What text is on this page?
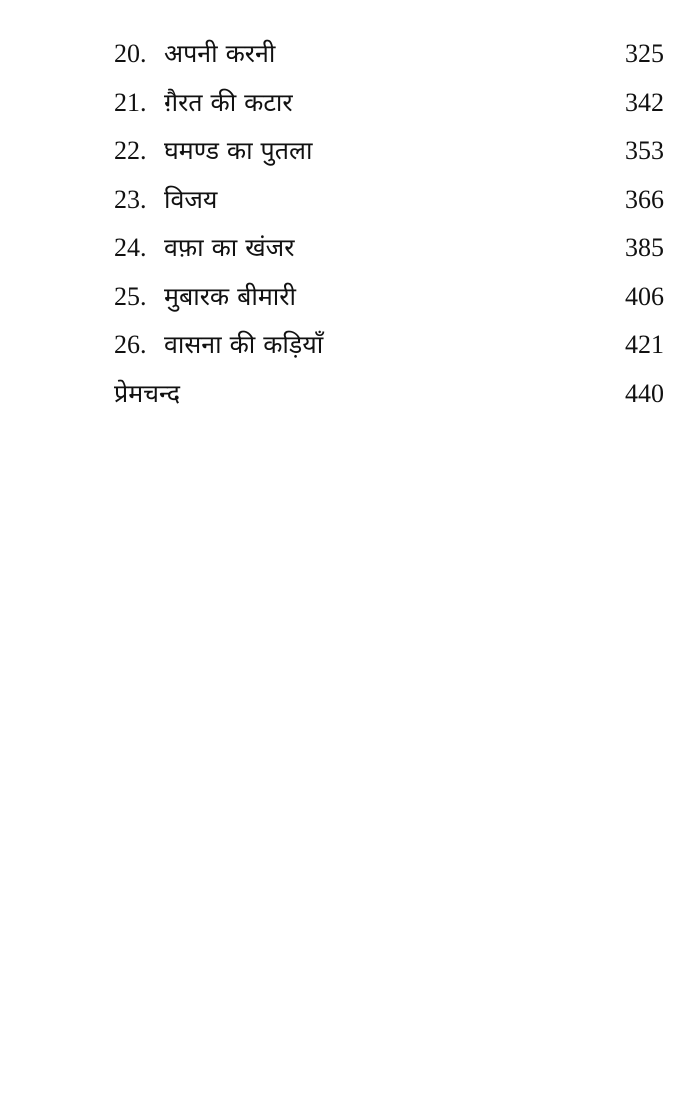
20. अपनी करनी	325
21. ग़ैरत की कटार	342
22. घमण्ड का पुतला	353
23. विजय	366
24. वफ़ा का खंजर	385
25. मुबारक बीमारी	406
26. वासना की कड़ियाँ	421
प्रेमचन्द	440
